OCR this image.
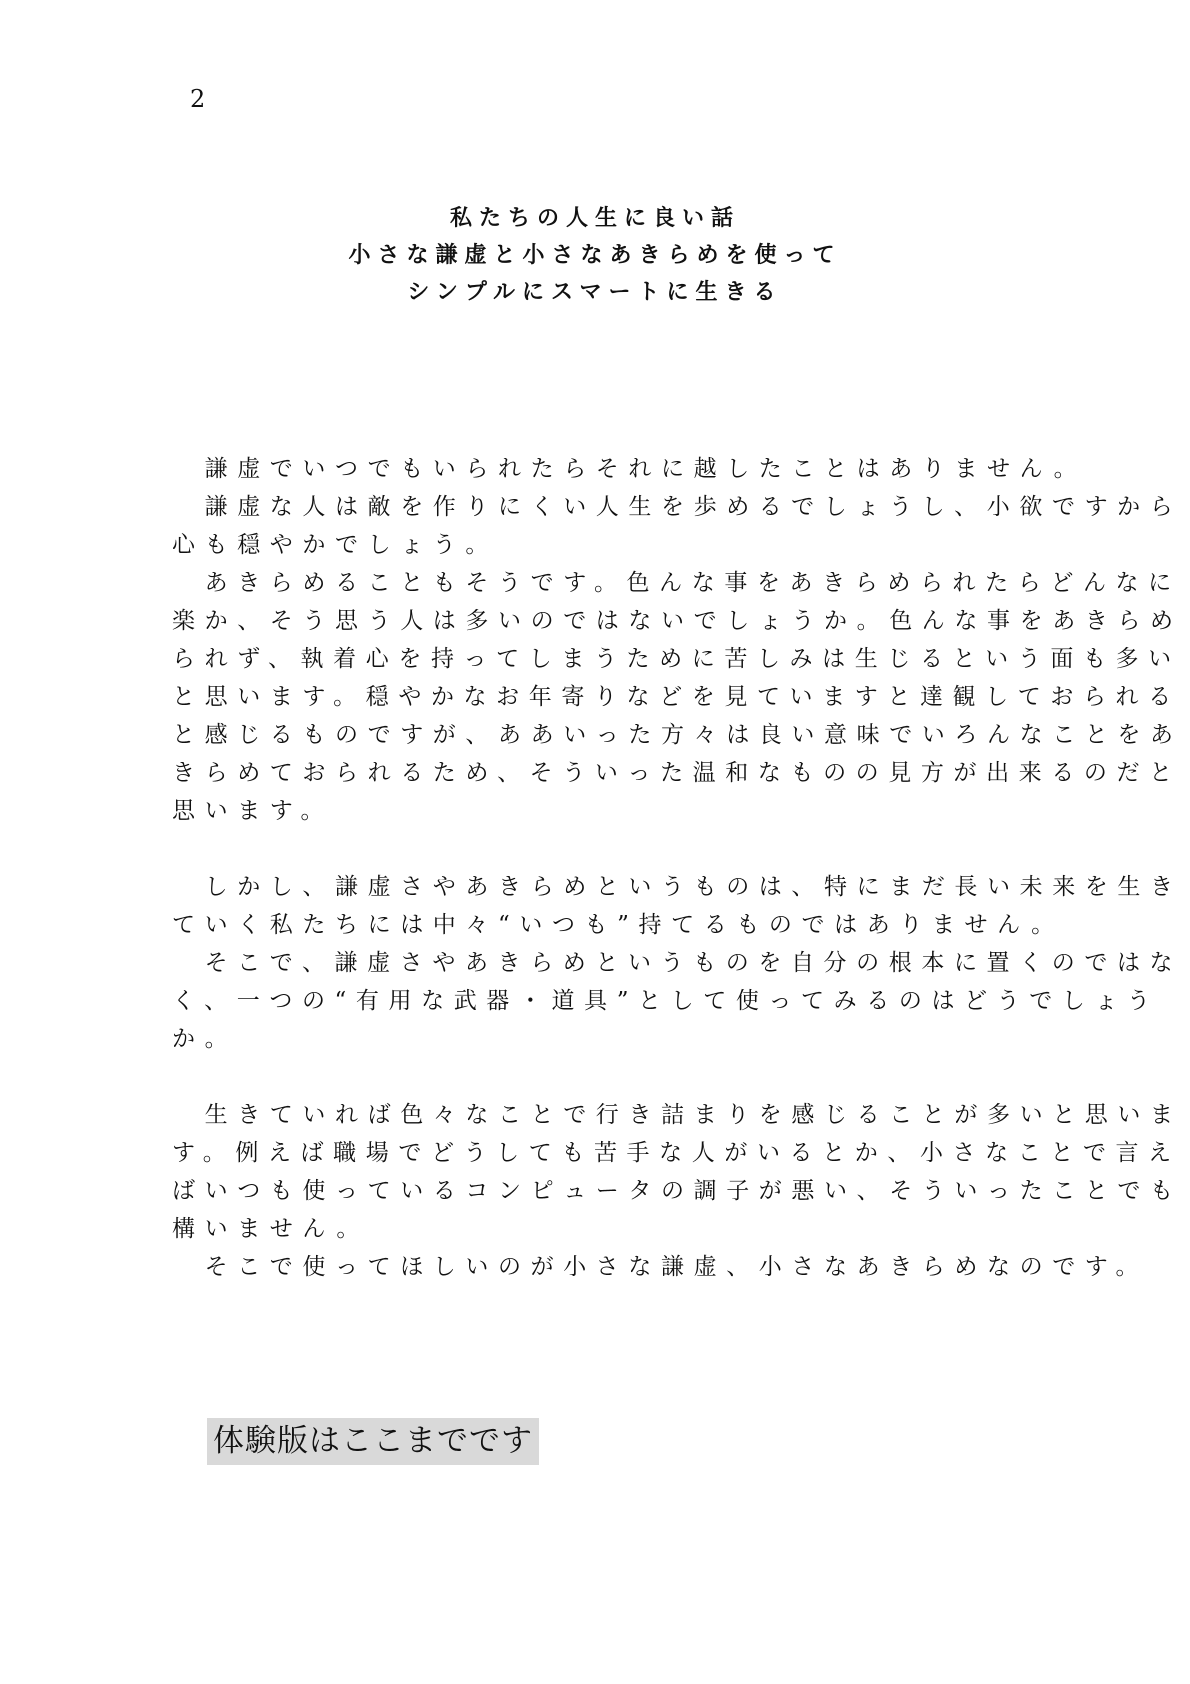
2
私たちの人生に良い話
小さな謙虚と小さなあきらめを使って
シンプルにスマートに生きる
　謙虚でいつでもいられたらそれに越したことはありません。
　謙虚な人は敵を作りにくい人生を歩めるでしょうし、小欲ですから
心も穏やかでしょう。
　あきらめることもそうです。色んな事をあきらめられたらどんなに
楽か、そう思う人は多いのではないでしょうか。色んな事をあきらめ
られず、執着心を持ってしまうために苦しみは生じるという面も多い
と思います。穏やかなお年寄りなどを見ていますと達観しておられる
と感じるものですが、ああいった方々は良い意味でいろんなことをあ
きらめておられるため、そういった温和なものの見方が出来るのだと
思います。
　しかし、謙虚さやあきらめというものは、特にまだ長い未来を生き
ていく私たちには中々“いつも”持てるものではありません。
　そこで、謙虚さやあきらめというものを自分の根本に置くのではな
く、一つの“有用な武器・道具”として使ってみるのはどうでしょう
か。
　生きていれば色々なことで行き詰まりを感じることが多いと思いま
す。例えば職場でどうしても苦手な人がいるとか、小さなことで言え
ばいつも使っているコンピュータの調子が悪い、そういったことでも
構いません。
　そこで使ってほしいのが小さな謙虚、小さなあきらめなのです。
体験版はここまでです
